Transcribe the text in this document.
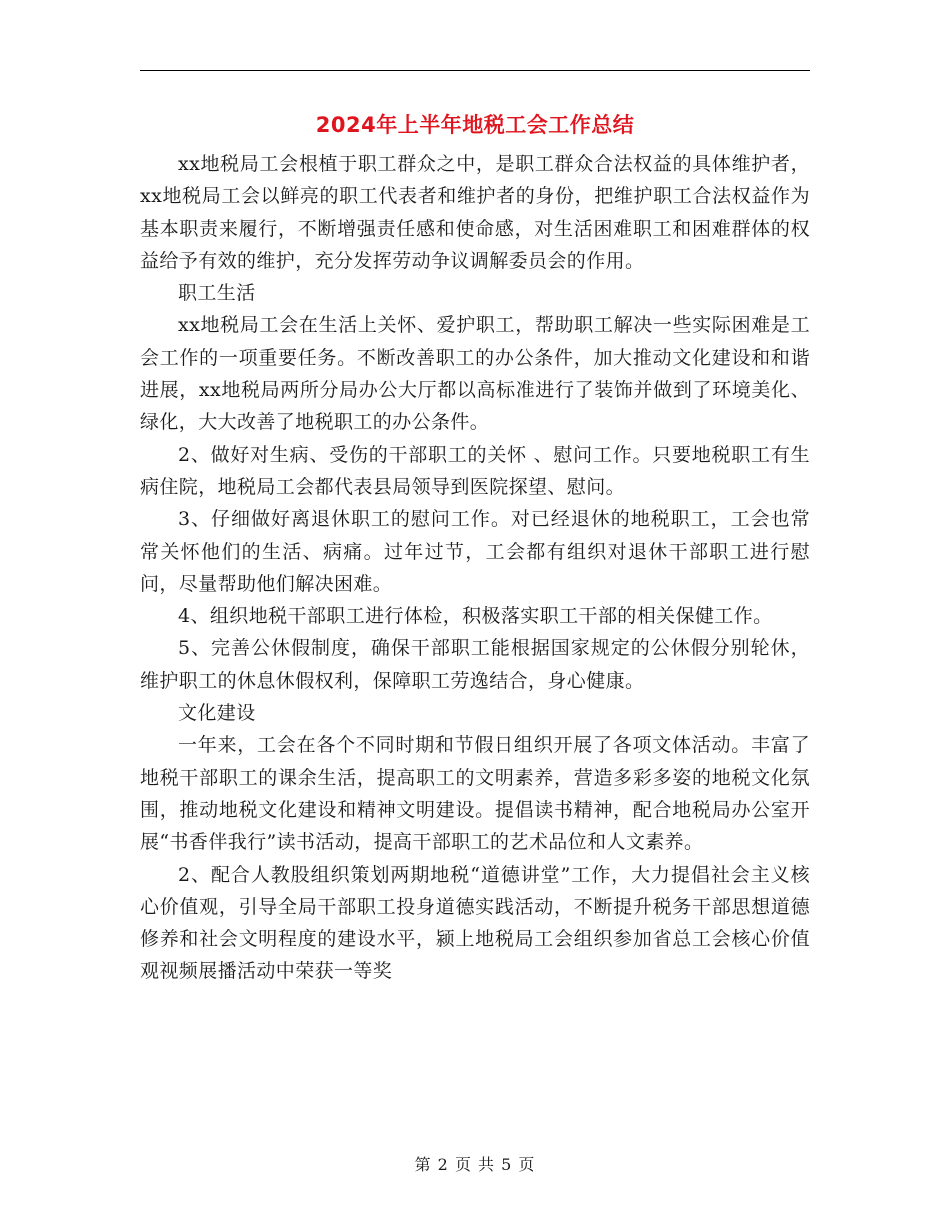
2024年上半年地税工会工作总结

xx地税局工会根植于职工群众之中，是职工群众合法权益的具体维护者，xx地税局工会以鲜亮的职工代表者和维护者的身份，把维护职工合法权益作为基本职责来履行，不断增强责任感和使命感，对生活困难职工和困难群体的权益给予有效的维护，充分发挥劳动争议调解委员会的作用。

职工生活

xx地税局工会在生活上关怀、爱护职工，帮助职工解决一些实际困难是工会工作的一项重要任务。不断改善职工的办公条件，加大推动文化建设和和谐进展，xx地税局两所分局办公大厅都以高标准进行了装饰并做到了环境美化、绿化，大大改善了地税职工的办公条件。

2、做好对生病、受伤的干部职工的关怀 、慰问工作。只要地税职工有生病住院，地税局工会都代表县局领导到医院探望、慰问。

3、仔细做好离退休职工的慰问工作。对已经退休的地税职工，工会也常常关怀他们的生活、病痛。过年过节，工会都有组织对退休干部职工进行慰问，尽量帮助他们解决困难。

4、组织地税干部职工进行体检，积极落实职工干部的相关保健工作。

5、完善公休假制度，确保干部职工能根据国家规定的公休假分别轮休，维护职工的休息休假权利，保障职工劳逸结合，身心健康。

文化建设

一年来，工会在各个不同时期和节假日组织开展了各项文体活动。丰富了地税干部职工的课余生活，提高职工的文明素养，营造多彩多姿的地税文化氛围，推动地税文化建设和精神文明建设。提倡读书精神，配合地税局办公室开展“书香伴我行”读书活动，提高干部职工的艺术品位和人文素养。

2、配合人教股组织策划两期地税“道德讲堂”工作，大力提倡社会主义核心价值观，引导全局干部职工投身道德实践活动，不断提升税务干部思想道德修养和社会文明程度的建设水平，颍上地税局工会组织参加省总工会核心价值观视频展播活动中荣获一等奖

第 2 页 共 5 页
